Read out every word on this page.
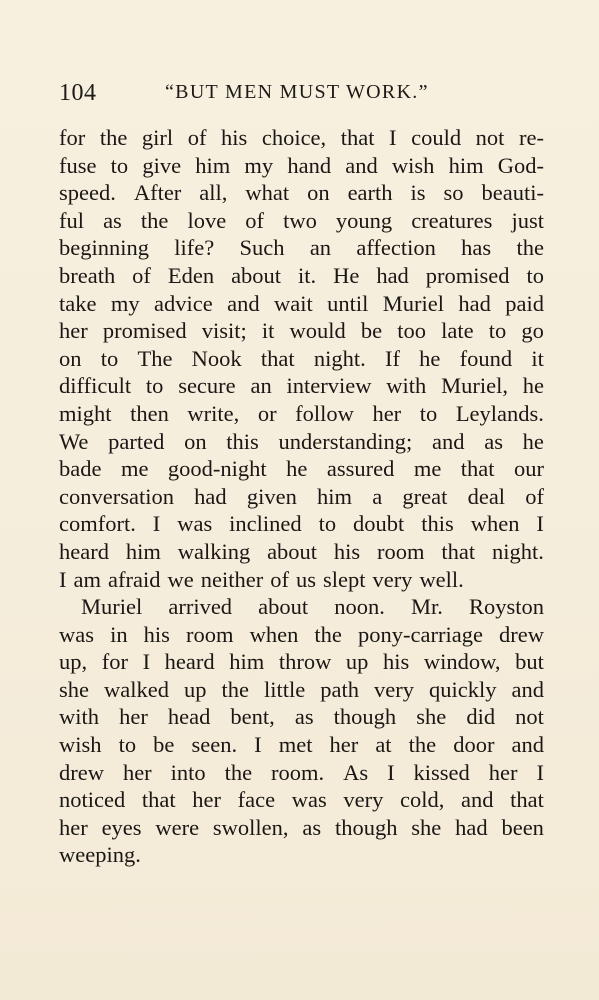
104	“BUT MEN MUST WORK.”
for the girl of his choice, that I could not re-
fuse to give him my hand and wish him God-
speed. After all, what on earth is so beauti-
ful as the love of two young creatures just
beginning life? Such an affection has the
breath of Eden about it. He had promised to
take my advice and wait until Muriel had paid
her promised visit; it would be too late to go
on to The Nook that night. If he found it
difficult to secure an interview with Muriel, he
might then write, or follow her to Leylands.
We parted on this understanding; and as he
bade me good-night he assured me that our
conversation had given him a great deal of
comfort. I was inclined to doubt this when I
heard him walking about his room that night.
I am afraid we neither of us slept very well.
Muriel arrived about noon. Mr. Royston
was in his room when the pony-carriage drew
up, for I heard him throw up his window, but
she walked up the little path very quickly and
with her head bent, as though she did not
wish to be seen. I met her at the door and
drew her into the room. As I kissed her I
noticed that her face was very cold, and that
her eyes were swollen, as though she had been
weeping.
